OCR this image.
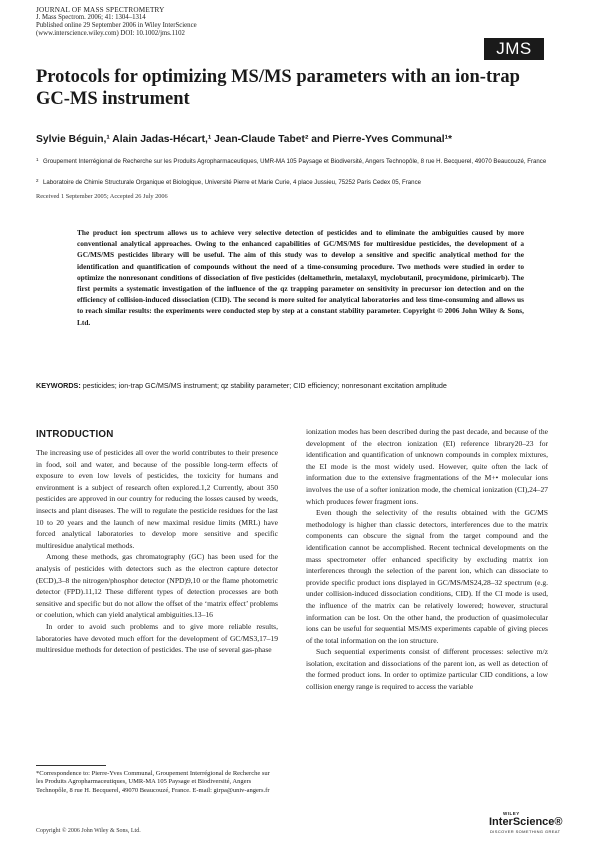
JOURNAL OF MASS SPECTROMETRY
J. Mass Spectrom. 2006; 41: 1304–1314
Published online 29 September 2006 in Wiley InterScience
(www.interscience.wiley.com) DOI: 10.1002/jms.1102
JMS
Protocols for optimizing MS/MS parameters with an ion-trap GC-MS instrument
Sylvie Béguin,¹ Alain Jadas-Hécart,¹ Jean-Claude Tabet² and Pierre-Yves Communal¹*
1 Groupement Interrégional de Recherche sur les Produits Agropharmaceutiques, UMR-MA 105 Paysage et Biodiversité, Angers Technopôle, 8 rue H. Becquerel, 49070 Beaucouzé, France
2 Laboratoire de Chimie Structurale Organique et Biologique, Université Pierre et Marie Curie, 4 place Jussieu, 75252 Paris Cedex 05, France
Received 1 September 2005; Accepted 26 July 2006
The product ion spectrum allows us to achieve very selective detection of pesticides and to eliminate the ambiguities caused by more conventional analytical approaches. Owing to the enhanced capabilities of GC/MS/MS for multiresidue pesticides, the development of a GC/MS/MS pesticides library will be useful. The aim of this study was to develop a sensitive and specific analytical method for the identification and quantification of compounds without the need of a time-consuming procedure. Two methods were studied in order to optimize the nonresonant conditions of dissociation of five pesticides (deltamethrin, metalaxyl, myclobutanil, procymidone, pirimicarb). The first permits a systematic investigation of the influence of the qz trapping parameter on sensitivity in precursor ion detection and on the efficiency of collision-induced dissociation (CID). The second is more suited for analytical laboratories and less time-consuming and allows us to reach similar results: the experiments were conducted step by step at a constant stability parameter. Copyright © 2006 John Wiley & Sons, Ltd.
KEYWORDS: pesticides; ion-trap GC/MS/MS instrument; qz stability parameter; CID efficiency; nonresonant excitation amplitude
INTRODUCTION

The increasing use of pesticides all over the world contributes to their presence in food, soil and water, and because of the possible long-term effects of exposure to even low levels of pesticides, the toxicity for humans and environment is a subject of research often explored.1,2 Currently, about 350 pesticides are approved in our country for reducing the losses caused by weeds, insects and plant diseases. The will to regulate the pesticide residues for the last 10 to 20 years and the launch of new maximal residue limits (MRL) have forced analytical laboratories to develop more sensitive and specific multiresidue analytical methods.

Among these methods, gas chromatography (GC) has been used for the analysis of pesticides with detectors such as the electron capture detector (ECD),3–8 the nitrogen/phosphor detector (NPD)9,10 or the flame photometric detector (FPD).11,12 These different types of detection processes are both sensitive and specific but do not allow the offset of the ‘matrix effect’ problems or coelution, which can yield analytical ambiguities.13–16

In order to avoid such problems and to give more reliable results, laboratories have devoted much effort for the development of GC/MS3,17–19 multiresidue methods for detection of pesticides. The use of several gas-phase

ionization modes has been described during the past decade, and because of the development of the electron ionization (EI) reference library20–23 for identification and quantification of unknown compounds in complex mixtures, the EI mode is the most widely used. However, quite often the lack of information due to the extensive fragmentations of the M+• molecular ions involves the use of a softer ionization mode, the chemical ionization (CI),24–27 which produces fewer fragment ions.

Even though the selectivity of the results obtained with the GC/MS methodology is higher than classic detectors, interferences due to the matrix components can obscure the signal from the target compound and the identification cannot be accomplished. Recent technical developments on the mass spectrometer offer enhanced specificity by excluding matrix ion interferences through the selection of the parent ion, which can dissociate to provide specific product ions displayed in GC/MS/MS24,28–32 spectrum (e.g. under collision-induced dissociation conditions, CID). If the CI mode is used, the influence of the matrix can be relatively lowered; however, structural information can be lost. On the other hand, the production of quasimolecular ions can be useful for sequential MS/MS experiments capable of giving pieces of the total information on the ion structure.

Such sequential experiments consist of different processes: selective m/z isolation, excitation and dissociations of the parent ion, as well as detection of the formed product ions. In order to optimize particular CID conditions, a low collision energy range is required to access the variable

*Correspondence to: Pierre-Yves Communal, Groupement Interrégional de Recherche sur les Produits Agropharmaceutiques, UMR-MA 105 Paysage et Biodiversité, Angers Technopôle, 8 rue H. Becquerel, 49070 Beaucouzé, France. E-mail: girpa@univ-angers.fr
Copyright © 2006 John Wiley & Sons, Ltd.
WILEY
InterScience®
DISCOVER SOMETHING GREAT
